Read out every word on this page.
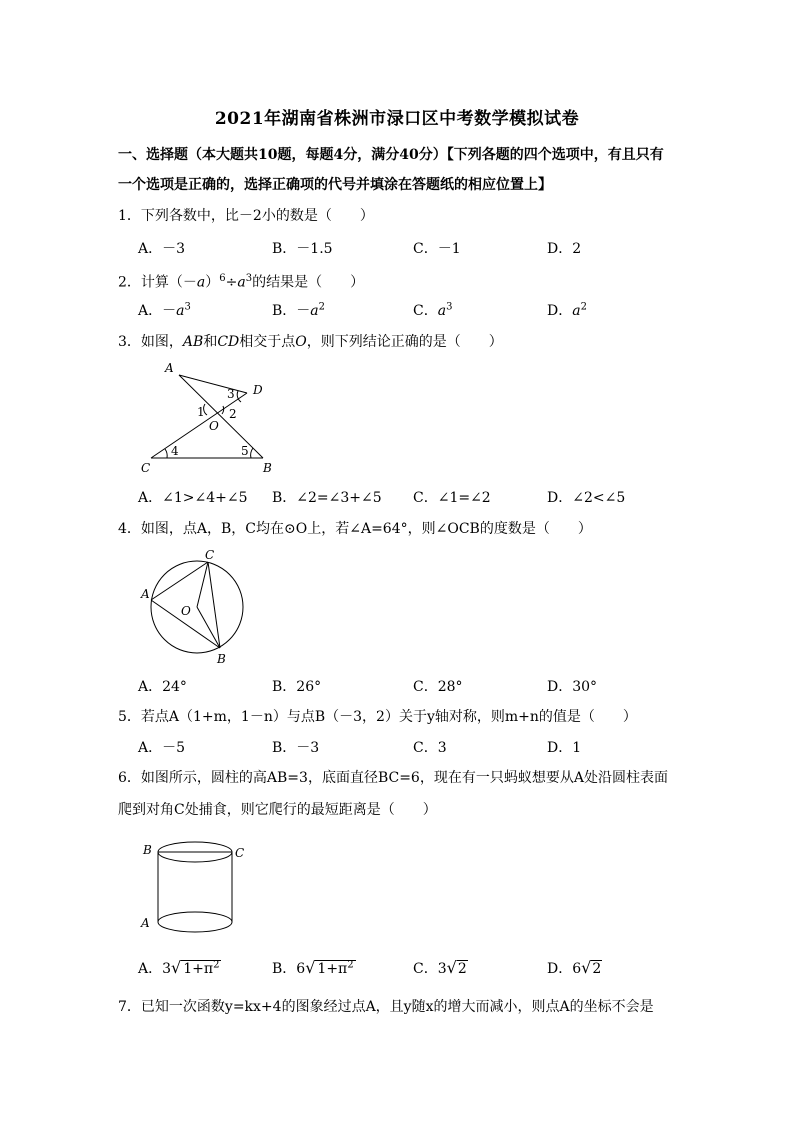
2021年湖南省株洲市渌口区中考数学模拟试卷
一、选择题（本大题共10题，每题4分，满分40分）【下列各题的四个选项中，有且只有
一个选项是正确的，选择正确项的代号并填涂在答题纸的相应位置上】
1．下列各数中，比－2小的数是（　　）
A．－3	B．－1.5	C．－1	D．2
2．计算$(-a)^6\div a^3$的结果是（　　）
A．$-a^3$	B．$-a^2$	C．$a^3$	D．$a^2$
3．如图，AB和CD相交于点O，则下列结论正确的是（　　）
A
D
3
1 2
O
C
4	5
B
A．∠1>∠4+∠5 B．∠2=∠3+∠5 C．∠1=∠2	D．∠2<∠5
4．如图，点A，B，C均在⊙O上，若∠A=64°，则∠OCB的度数是（　　）
C
A
O
B
A．24°	B．26°	C．28°	D．30°
5．若点A（1+m，1－n）与点B（－3，2）关于y轴对称，则m+n的值是（　　）
A．－5	B．－3	C．3	D．1
6．如图所示，圆柱的高AB=3，底面直径BC=6，现在有一只蚂蚁想要从A处沿圆柱表面
爬到对角C处捕食，则它爬行的最短距离是（　　）
B	C
A
A．3√ $1+\pi^2$	B．6√ $1+\pi^2$	C．3√2	D．6√2
7．已知一次函数y=kx+4的图象经过点A，且y随x的增大而减小，则点A的坐标不会是
